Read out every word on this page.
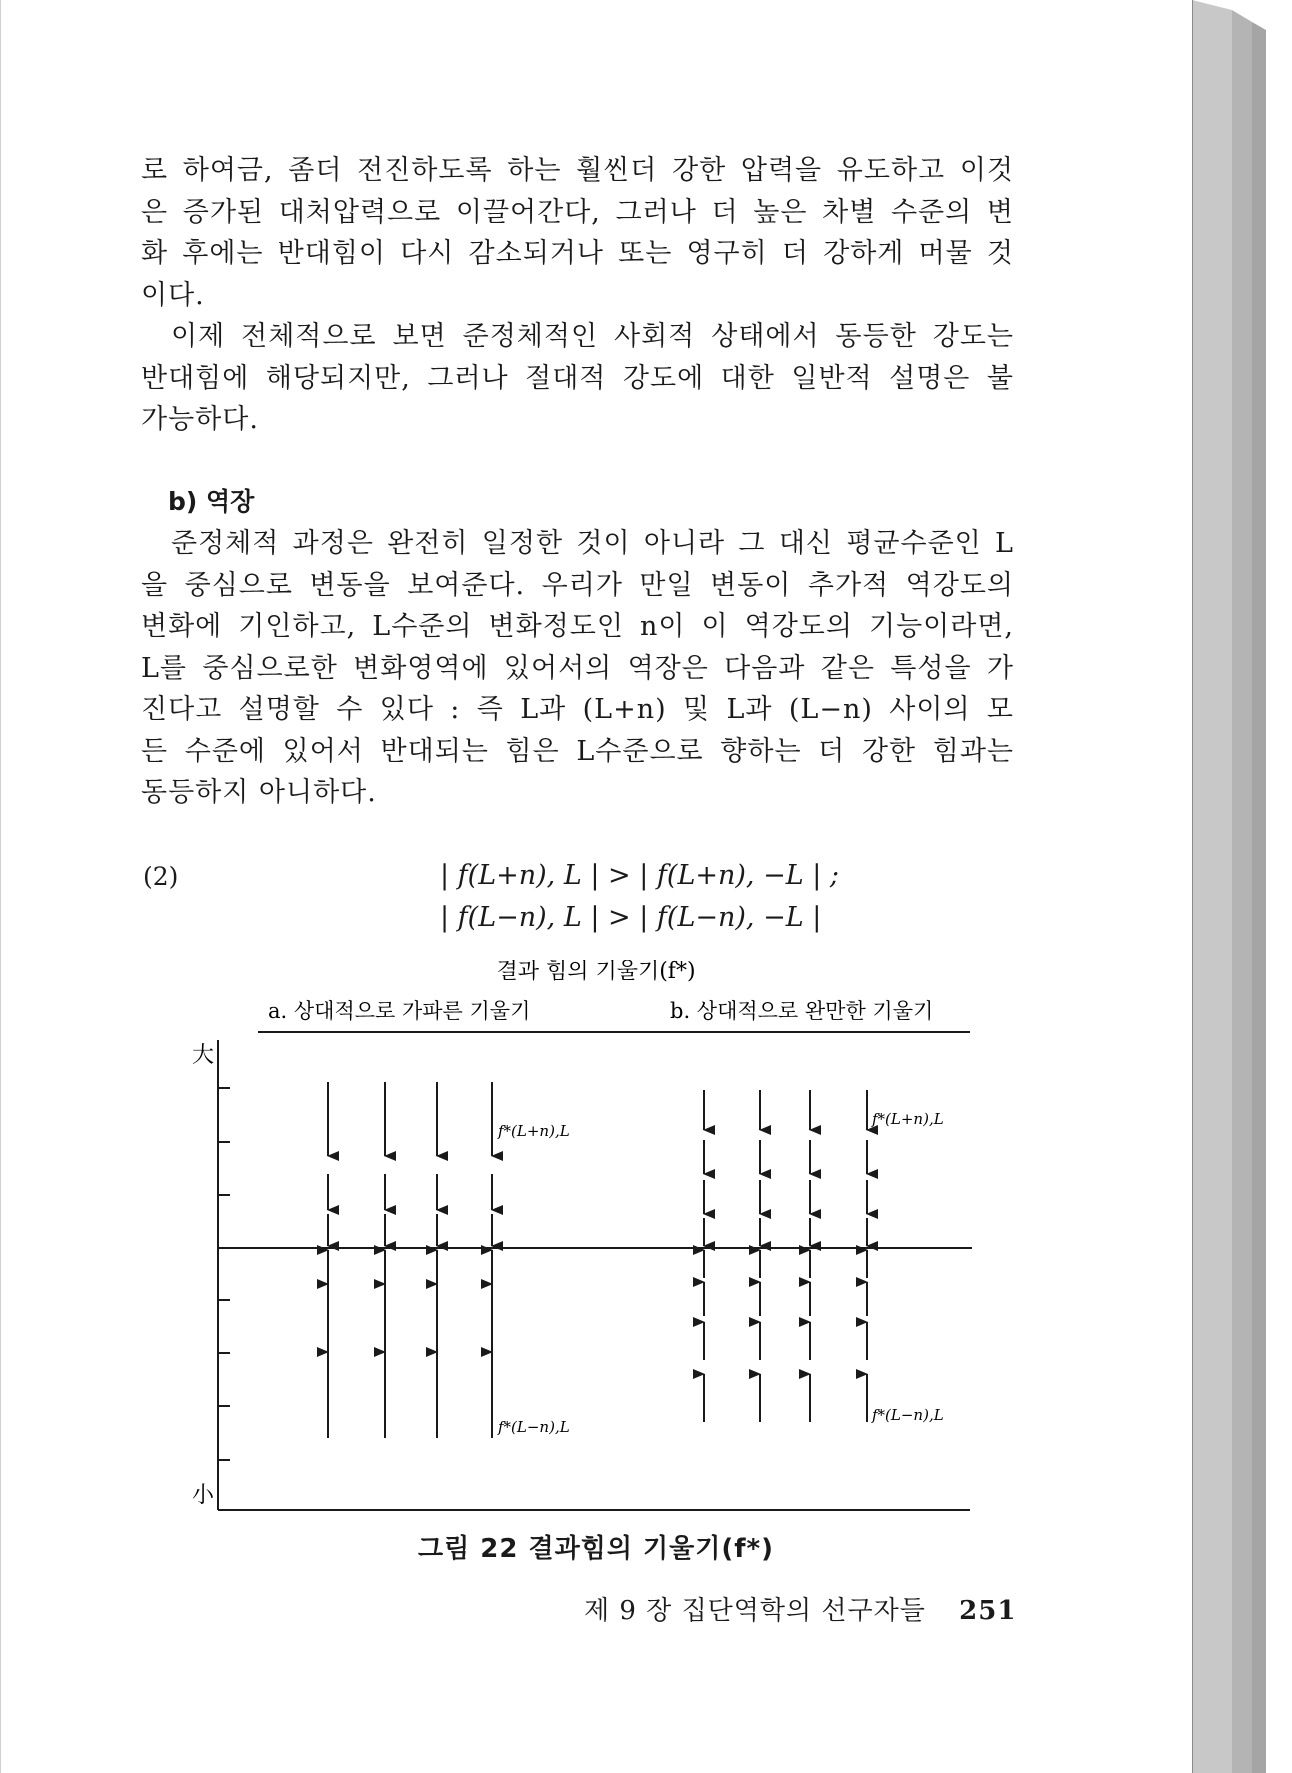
로 하여금, 좀더 전진하도록 하는 훨씬더 강한 압력을 유도하고 이것
은 증가된 대처압력으로 이끌어간다, 그러나 더 높은 차별 수준의 변
화 후에는 반대힘이 다시 감소되거나 또는 영구히 더 강하게 머물 것
이다.
이제 전체적으로 보면 준정체적인 사회적 상태에서 동등한 강도는
반대힘에 해당되지만, 그러나 절대적 강도에 대한 일반적 설명은 불
가능하다.
b) 역장
준정체적 과정은 완전히 일정한 것이 아니라 그 대신 평균수준인 L
을 중심으로 변동을 보여준다. 우리가 만일 변동이 추가적 역강도의
변화에 기인하고, L수준의 변화정도인 n이 이 역강도의 기능이라면,
L를 중심으로한 변화영역에 있어서의 역장은 다음과 같은 특성을 가
진다고 설명할 수 있다 : 즉 L과 (L+n) 및 L과 (L−n) 사이의 모
든 수준에 있어서 반대되는 힘은 L수준으로 향하는 더 강한 힘과는
동등하지 아니하다.
(2)	| f(L+n), L | > | f(L+n), −L | ;
| f(L−n), L | > | f(L−n), −L |
결과 힘의 기울기(f*)
a. 상대적으로 가파른 기울기	b. 상대적으로 완만한 기울기
大
小
f*(L+n),L
f*(L−n),L
f*(L+n),L
f*(L−n),L
그림 22 결과힘의 기울기(f*)
제 9 장 집단역학의 선구자들 251
